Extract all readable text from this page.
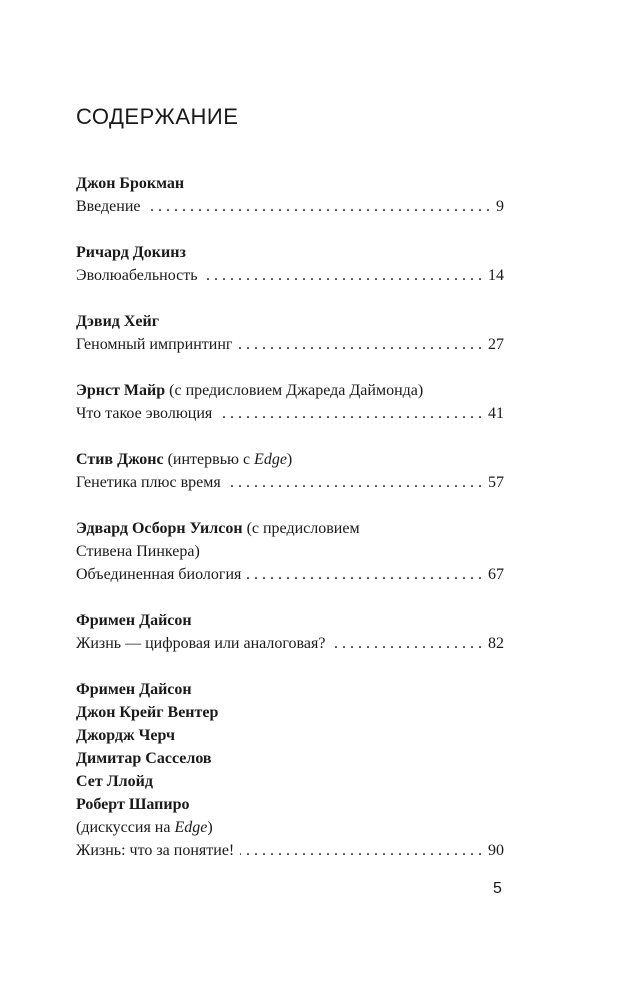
СОДЕРЖАНИЕ
Джон Брокман
Введение . . .	9
Ричард Докинз
Эволюабельность . . .	14
Дэвид Хейг
Геномный импринтинг . . .	27
Эрнст Майр (с предисловием Джареда Даймонда)
Что такое эволюция . . .	41
Стив Джонс (интервью с Edge)
Генетика плюс время . . .	57
Эдвард Осборн Уилсон (с предисловием
Стивена Пинкера)
Объединенная биология . . .	67
Фримен Дайсон
Жизнь — цифровая или аналоговая? . . .	82
Фримен Дайсон
Джон Крейг Вентер
Джордж Черч
Димитар Сасселов
Сет Ллойд
Роберт Шапиро
(дискуссия на Edge)
Жизнь: что за понятие! . . .	90
5
